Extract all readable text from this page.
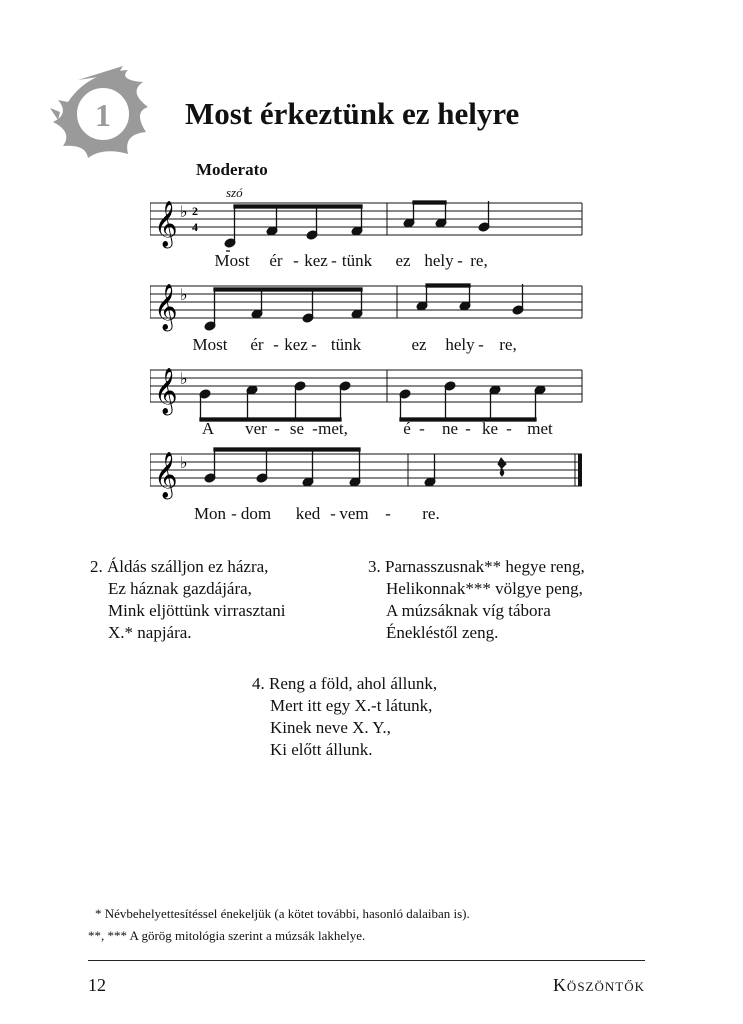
1 Most érkeztünk ez helyre
Moderato
szó
𝄞 ♭ 2
4
𝄞 ♭
𝄞 ♭
𝄞 ♭
Most ér - kez - tünk ez hely - re,
Most ér - kez - tünk	ez hely - re,
A ver - se - met,	é - ne - ke - met
Mon - dom ked - vem - re.
2. Áldás szálljon ez házra,
Ez háznak gazdájára,
Mink eljöttünk virrasztani
X.* napjára.
3. Parnasszusnak** hegye reng,
Helikonnak*** völgye peng,
A múzsáknak víg tábora
Énekléstől zeng.
4. Reng a föld, ahol állunk,
Mert itt egy X.-t látunk,
Kinek neve X. Y.,
Ki előtt állunk.
* Névbehelyettesítéssel énekeljük (a kötet további, hasonló dalaiban is).
**, *** A görög mitológia szerint a múzsák lakhelye.
12	Köszöntők
